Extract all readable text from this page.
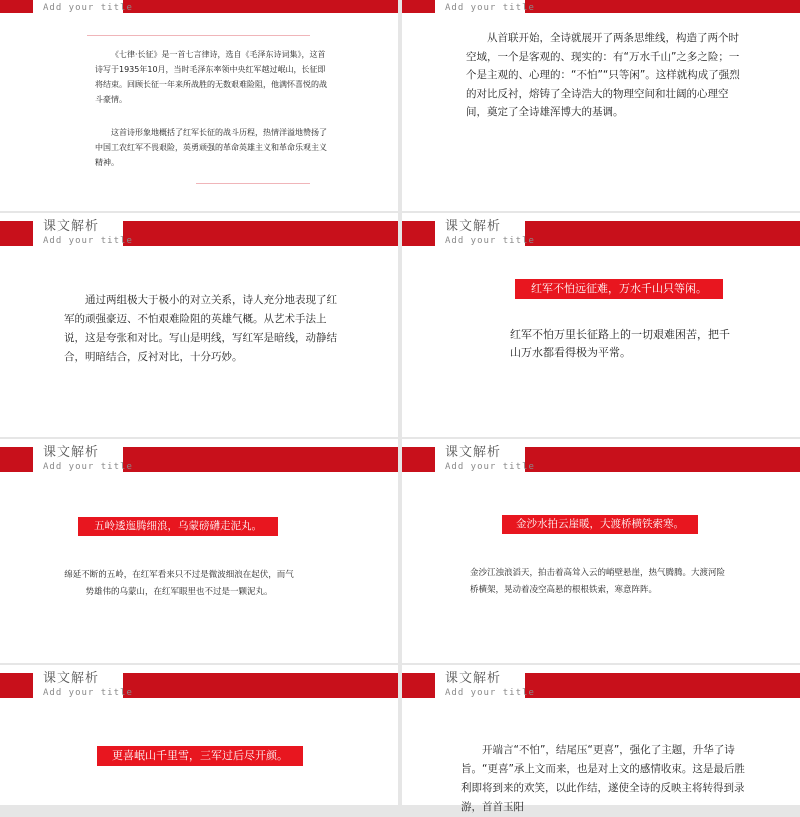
Add your title
《七律·长征》是一首七言律诗，选自《毛泽东诗词集》，这首诗写于1935年10月，当时毛泽东率领中央红军越过岷山，长征即将结束。回顾长征一年来所战胜的无数艰难险阻，他满怀喜悦的战斗豪情。
这首诗形象地概括了红军长征的战斗历程，热情洋溢地赞扬了中国工农红军不畏艰险，英勇顽强的革命英雄主义和革命乐观主义精神。
Add your title
从首联开始，全诗就展开了两条思维线，构造了两个时空域，一个是客观的、现实的：有“万水千山”之多之险；一个是主观的、心理的：“不怕”“只等闲”。这样就构成了强烈的对比反衬，熔铸了全诗浩大的物理空间和壮阔的心理空间，奠定了全诗雄浑博大的基调。
课文解析
Add your title
通过两组极大于极小的对立关系，诗人充分地表现了红军的顽强豪迈、不怕艰难险阻的英雄气概。从艺术手法上说，这是夸张和对比。写山是明线，写红军是暗线，动静结合，明暗结合，反衬对比，十分巧妙。
课文解析
Add your title
红军不怕远征难，万水千山只等闲。
红军不怕万里长征路上的一切艰难困苦，把千山万水都看得极为平常。
课文解析
Add your title
五岭逶迤腾细浪，乌蒙磅礴走泥丸。
绵延不断的五岭，在红军看来只不过是微波细浪在起伏，而气势雄伟的乌蒙山，在红军眼里也不过是一颗泥丸。
课文解析
Add your title
金沙水拍云崖暖，大渡桥横铁索寒。
金沙江浊浪滔天，拍击着高耸入云的峭壁悬崖，热气腾腾。大渡河险桥横架，晃动着凌空高悬的根根铁索，寒意阵阵。
课文解析
Add your title
更喜岷山千里雪，三军过后尽开颜。
课文解析
Add your title
开端言“不怕”，结尾压“更喜”，强化了主题，升华了诗旨。“更喜”承上文而来，也是对上文的感情收束。这是最后胜利即将到来的欢笑，以此作结，遂使全诗的反映主将转得到录游，首首玉阳
